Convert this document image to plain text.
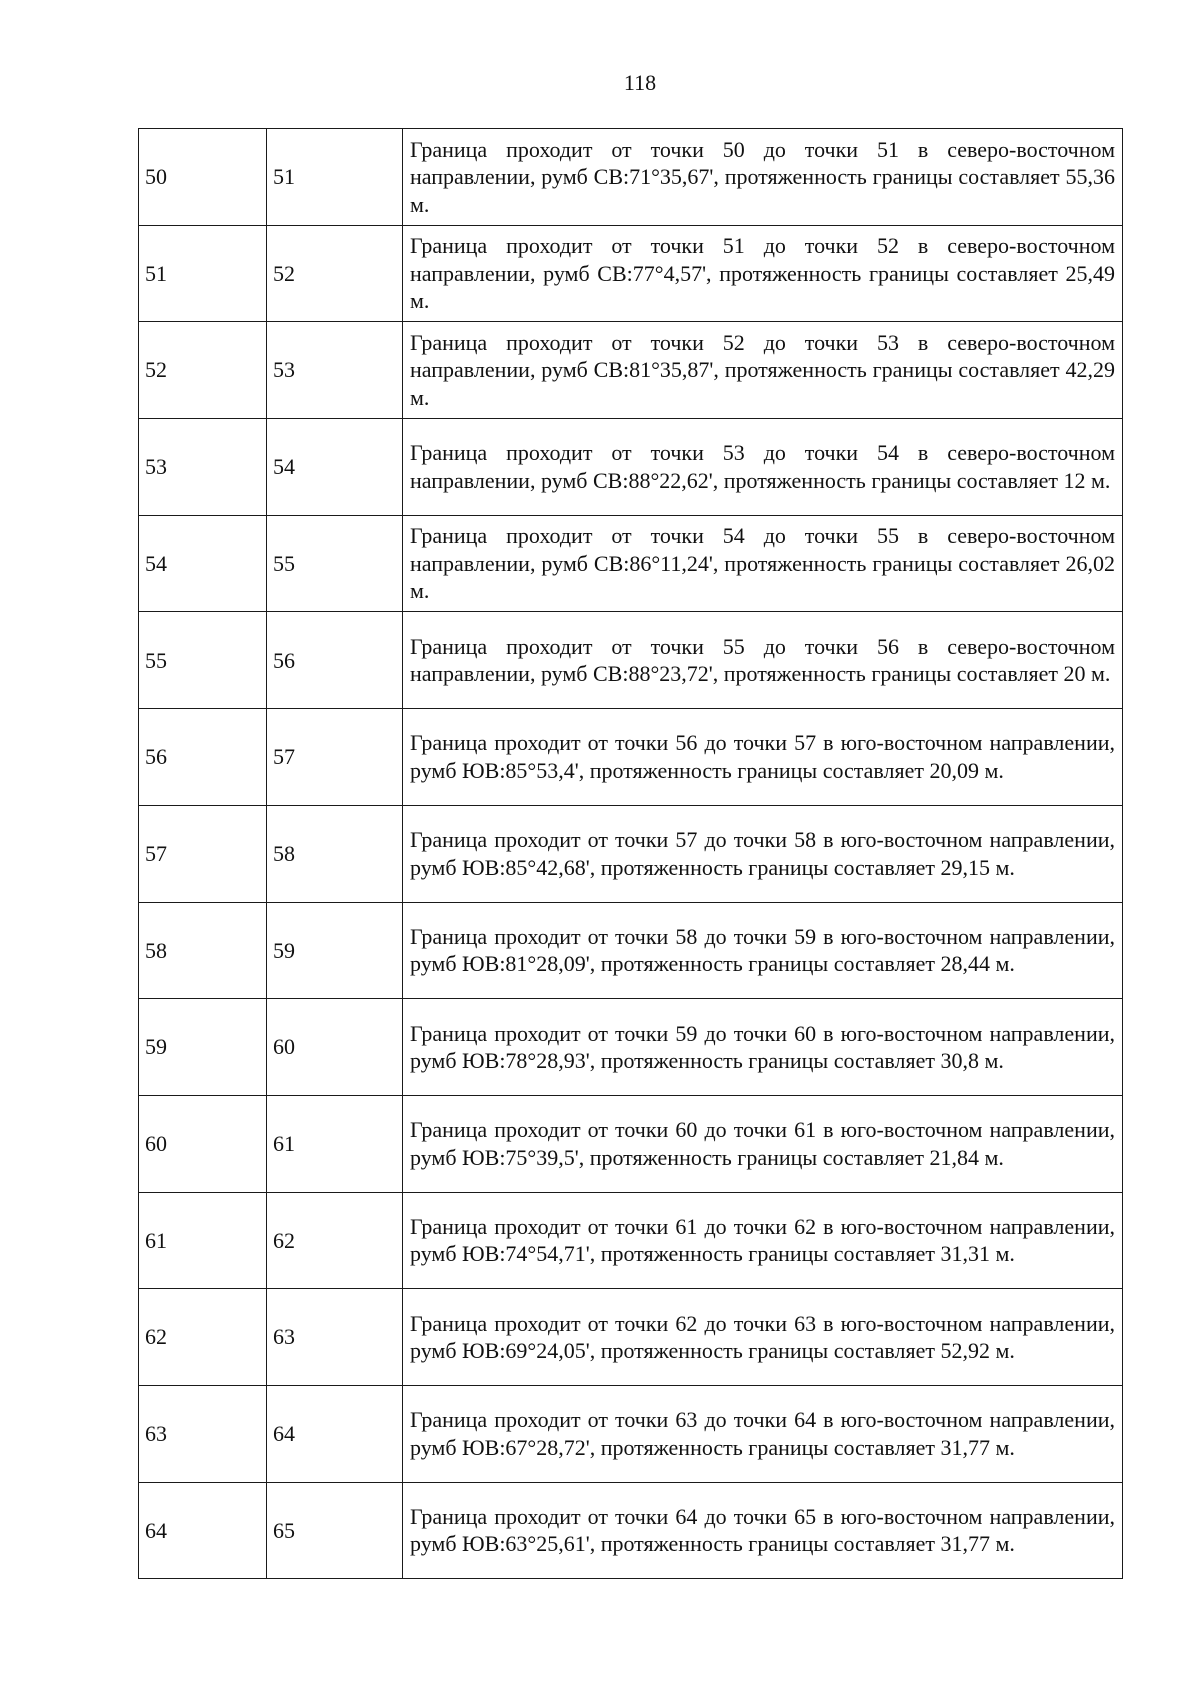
118
50	51	Граница проходит от точки 50 до точки 51 в северо-восточном направлении, румб СВ:71°35,67', протяженность границы составляет 55,36 м.
51	52	Граница проходит от точки 51 до точки 52 в северо-восточном направлении, румб СВ:77°4,57', протяженность границы составляет 25,49 м.
52	53	Граница проходит от точки 52 до точки 53 в северо-восточном направлении, румб СВ:81°35,87', протяженность границы составляет 42,29 м.
53	54	Граница проходит от точки 53 до точки 54 в северо-восточном направлении, румб СВ:88°22,62', протяженность границы составляет 12 м.
54	55	Граница проходит от точки 54 до точки 55 в северо-восточном направлении, румб СВ:86°11,24', протяженность границы составляет 26,02 м.
55	56	Граница проходит от точки 55 до точки 56 в северо-восточном направлении, румб СВ:88°23,72', протяженность границы составляет 20 м.
56	57	Граница проходит от точки 56 до точки 57 в юго-восточном направлении, румб ЮВ:85°53,4', протяженность границы составляет 20,09 м.
57	58	Граница проходит от точки 57 до точки 58 в юго-восточном направлении, румб ЮВ:85°42,68', протяженность границы составляет 29,15 м.
58	59	Граница проходит от точки 58 до точки 59 в юго-восточном направлении, румб ЮВ:81°28,09', протяженность границы составляет 28,44 м.
59	60	Граница проходит от точки 59 до точки 60 в юго-восточном направлении, румб ЮВ:78°28,93', протяженность границы составляет 30,8 м.
60	61	Граница проходит от точки 60 до точки 61 в юго-восточном направлении, румб ЮВ:75°39,5', протяженность границы составляет 21,84 м.
61	62	Граница проходит от точки 61 до точки 62 в юго-восточном направлении, румб ЮВ:74°54,71', протяженность границы составляет 31,31 м.
62	63	Граница проходит от точки 62 до точки 63 в юго-восточном направлении, румб ЮВ:69°24,05', протяженность границы составляет 52,92 м.
63	64	Граница проходит от точки 63 до точки 64 в юго-восточном направлении, румб ЮВ:67°28,72', протяженность границы составляет 31,77 м.
64	65	Граница проходит от точки 64 до точки 65 в юго-восточном направлении, румб ЮВ:63°25,61', протяженность границы составляет 31,77 м.
